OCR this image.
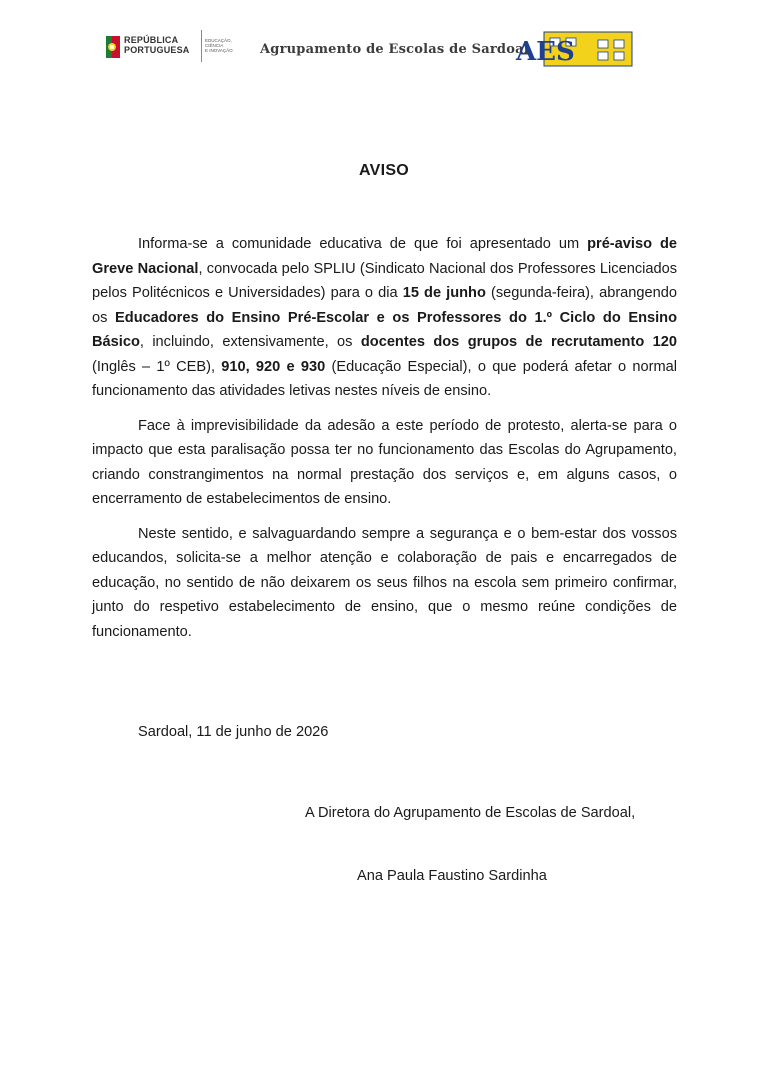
REPÚBLICA
PORTUGUESA
EDUCAÇÃO, CIÊNCIA
E INOVAÇÃO Agrupamento de Escolas de Sardoal
AES
AVISO

Informa-se a comunidade educativa de que foi apresentado um pré-aviso de Greve Nacional, convocada pelo SPLIU (Sindicato Nacional dos Professores Licenciados pelos Politécnicos e Universidades) para o dia 15 de junho (segunda-feira), abrangendo os Educadores do Ensino Pré-Escolar e os Professores do 1.º Ciclo do Ensino Básico, incluindo, extensivamente, os docentes dos grupos de recrutamento 120 (Inglês – 1º CEB), 910, 920 e 930 (Educação Especial), o que poderá afetar o normal funcionamento das atividades letivas nestes níveis de ensino.

Face à imprevisibilidade da adesão a este período de protesto, alerta-se para o impacto que esta paralisação possa ter no funcionamento das Escolas do Agrupamento, criando constrangimentos na normal prestação dos serviços e, em alguns casos, o encerramento de estabelecimentos de ensino.

Neste sentido, e salvaguardando sempre a segurança e o bem-estar dos vossos educandos, solicita-se a melhor atenção e colaboração de pais e encarregados de educação, no sentido de não deixarem os seus filhos na escola sem primeiro confirmar, junto do respetivo estabelecimento de ensino, que o mesmo reúne condições de funcionamento.

Sardoal, 11 de junho de 2026
A Diretora do Agrupamento de Escolas de Sardoal,
Ana Paula Faustino Sardinha
